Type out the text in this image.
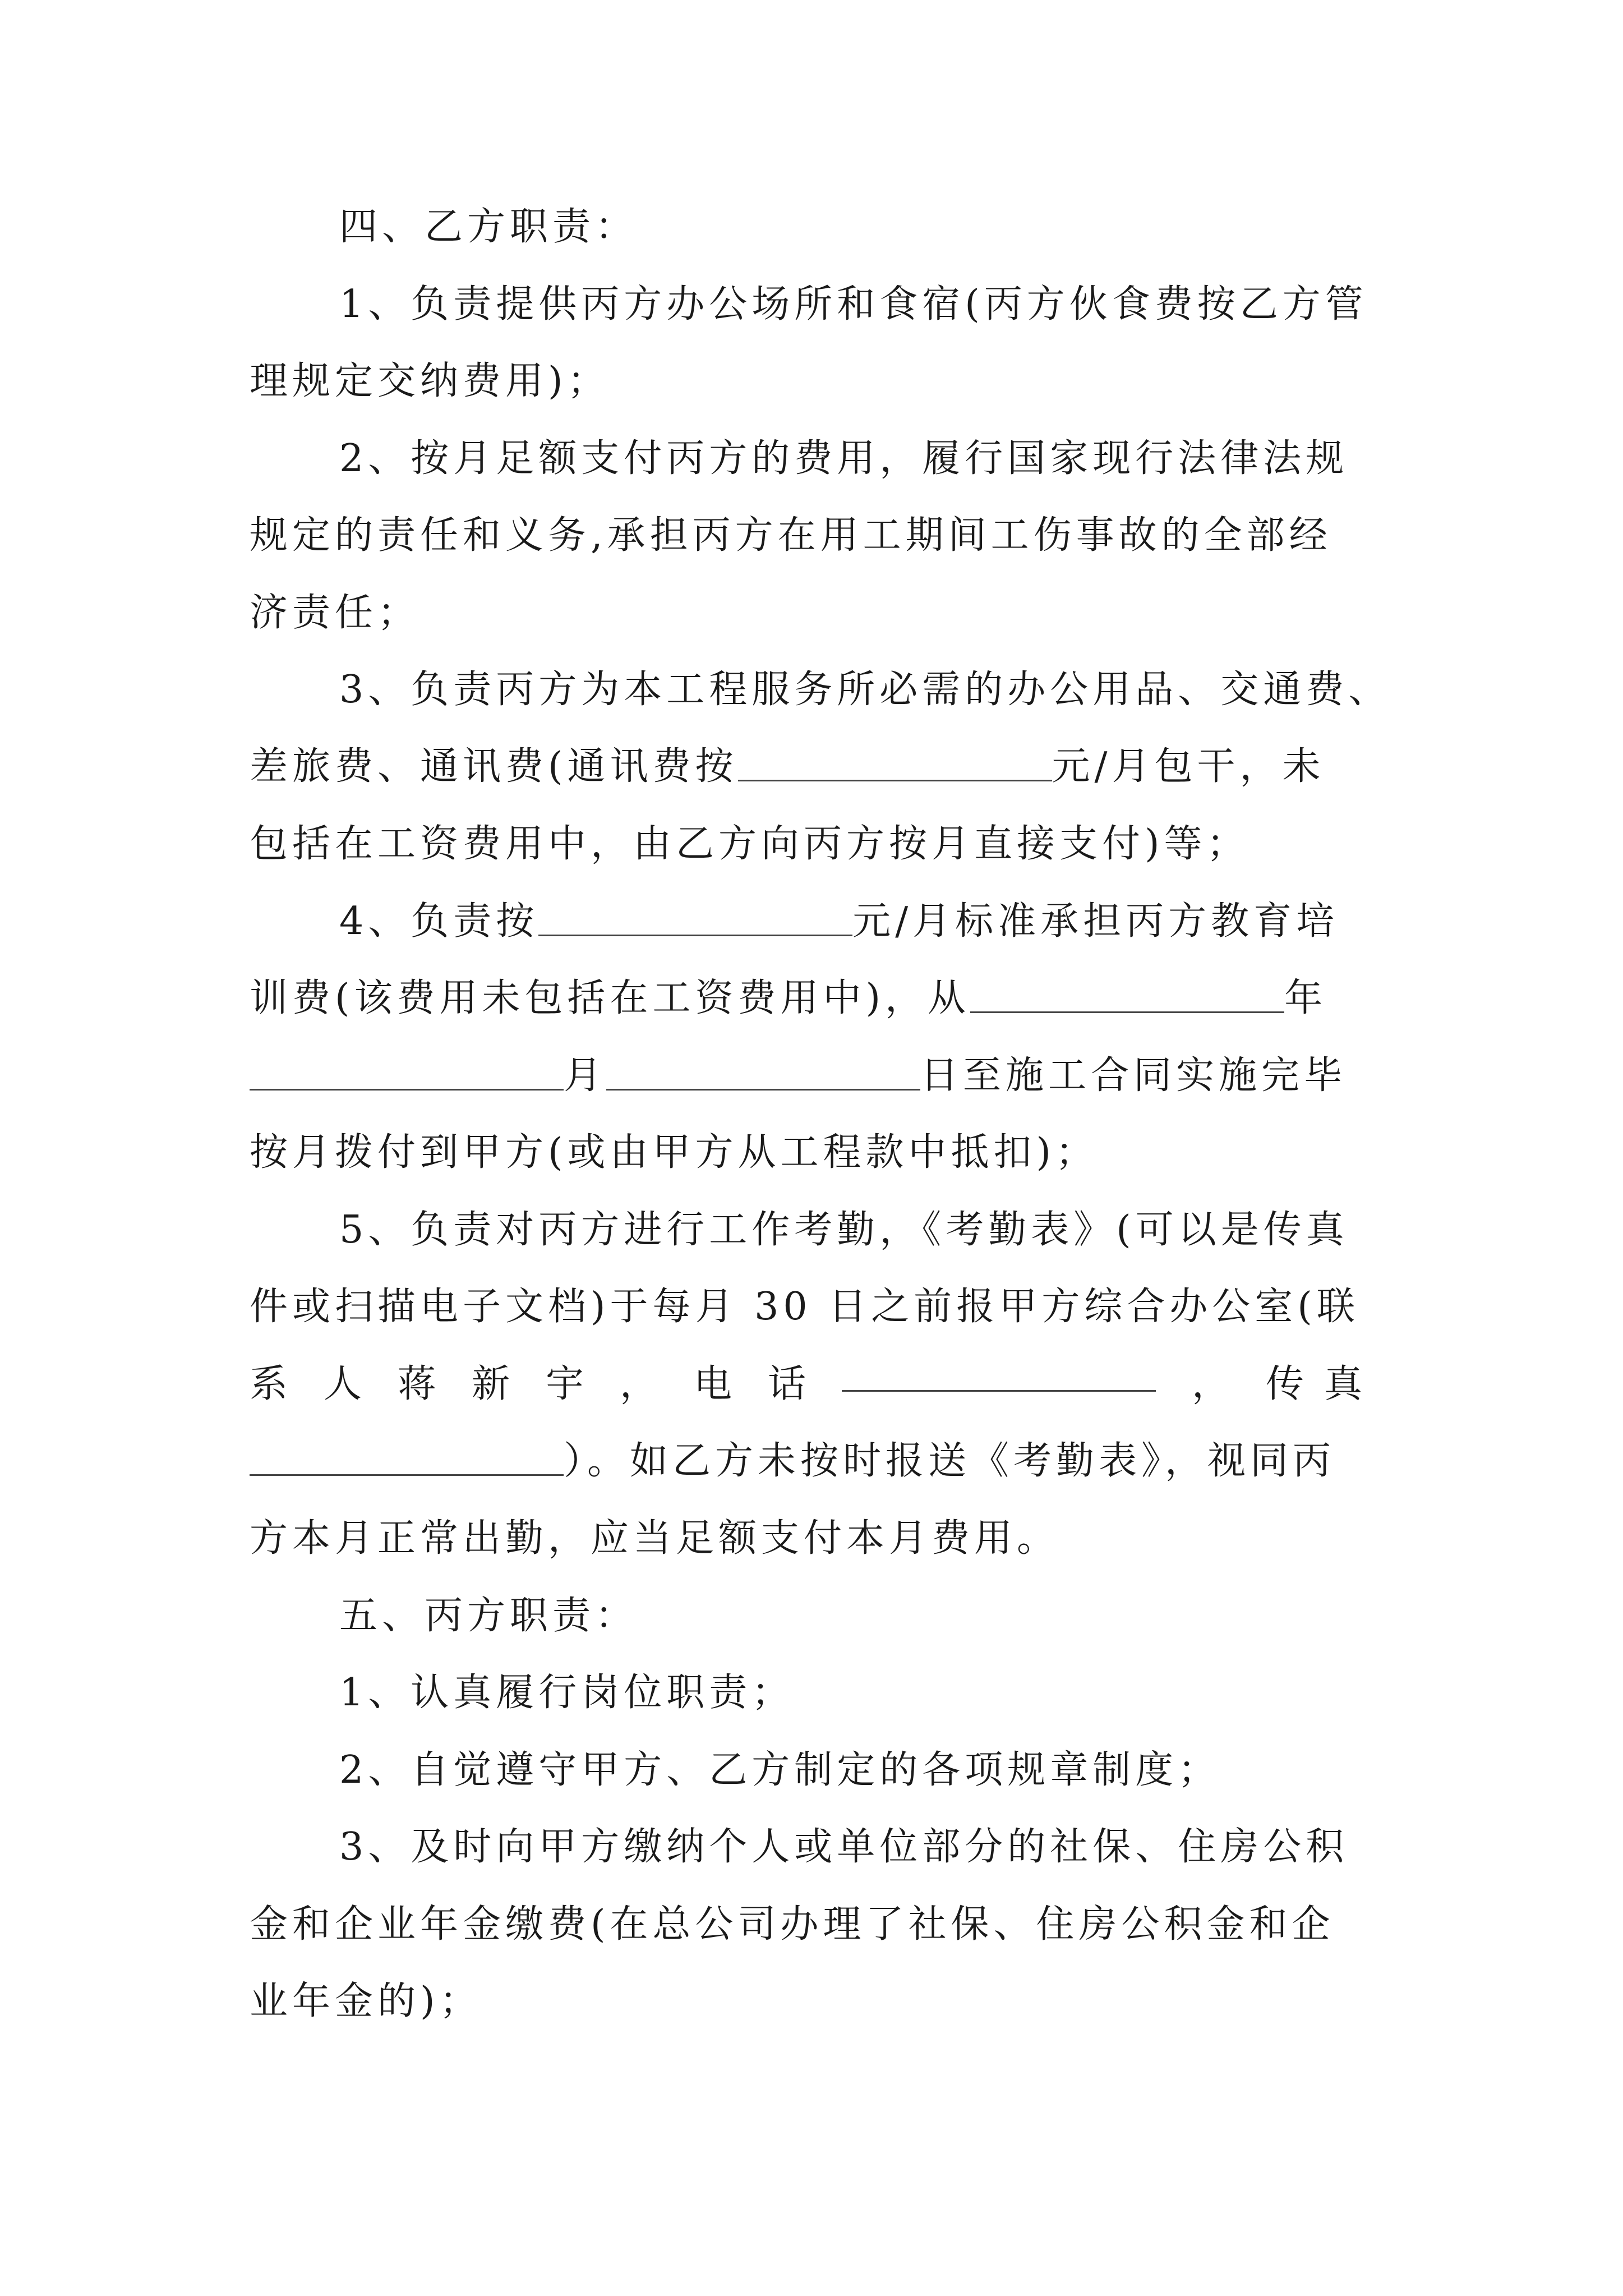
四、乙方职责：
1、负责提供丙方办公场所和食宿(丙方伙食费按乙方管
理规定交纳费用)；
2、按月足额支付丙方的费用，履行国家现行法律法规
规定的责任和义务,承担丙方在用工期间工伤事故的全部经
济责任；
3、负责丙方为本工程服务所必需的办公用品、交通费、
差旅费、通讯费(通讯费按	元/月包干，未
包括在工资费用中，由乙方向丙方按月直接支付)等；
4、负责按	元/月标准承担丙方教育培
训费(该费用未包括在工资费用中)，从	年
月	日至施工合同实施完毕
按月拨付到甲方(或由甲方从工程款中抵扣)；
5、负责对丙方进行工作考勤，《考勤表》(可以是传真
件或扫描电子文档)于每月 30 日之前报甲方综合办公室(联
系 人 蒋 新 宇 ， 电 话	， 传真
）。如乙方未按时报送《考勤表》，视同丙
方本月正常出勤，应当足额支付本月费用。
五、丙方职责：
1、认真履行岗位职责；
2、自觉遵守甲方、乙方制定的各项规章制度；
3、及时向甲方缴纳个人或单位部分的社保、住房公积
金和企业年金缴费(在总公司办理了社保、住房公积金和企
业年金的)；
